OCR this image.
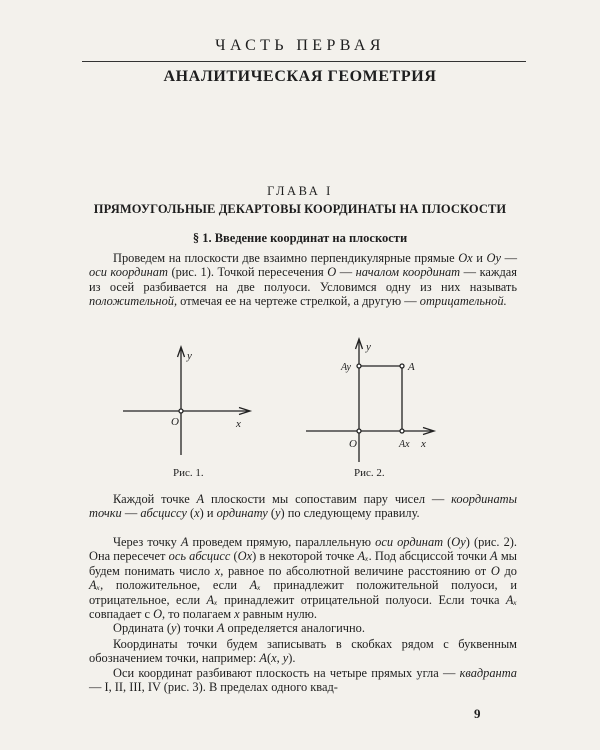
ЧАСТЬ ПЕРВАЯ
АНАЛИТИЧЕСКАЯ ГЕОМЕТРИЯ
ГЛАВА I
ПРЯМОУГОЛЬНЫЕ ДЕКАРТОВЫ КООРДИНАТЫ НА ПЛОСКОСТИ
§ 1. Введение координат на плоскости

Проведем на плоскости две взаимно перпендикулярные прямые Ox и Oy — оси координат (рис. 1). Точкой пересечения O — началом координат — каждая из осей разбивается на две полуоси. Условимся одну из них называть положительной, отмечая ее на чертеже стрелкой, а другую — отрицательной.

y
x
O
y
x
O
A
Ay
Ax
Рис. 1.	Рис. 2.

Каждой точке A плоскости мы сопоставим пару чисел — координаты точки — абсциссу (x) и ординату (y) по следующему правилу.

Через точку A проведем прямую, параллельную оси ординат (Oy) (рис. 2). Она пересечет ось абсцисс (Ox) в некоторой точке Aₓ. Под абсциссой точки A мы будем понимать число x, равное по абсолютной величине расстоянию от O до Aₓ, положительное, если Aₓ принадлежит положительной полуоси, и отрицательное, если Aₓ принадлежит отрицательной полуоси. Если точка Aₓ совпадает с O, то полагаем x равным нулю.

Ордината (y) точки A определяется аналогично.

Координаты точки будем записывать в скобках рядом с буквенным обозначением точки, например: A(x, y).

Оси координат разбивают плоскость на четыре прямых угла — квадранта — I, II, III, IV (рис. 3). В пределах одного квад-

9
